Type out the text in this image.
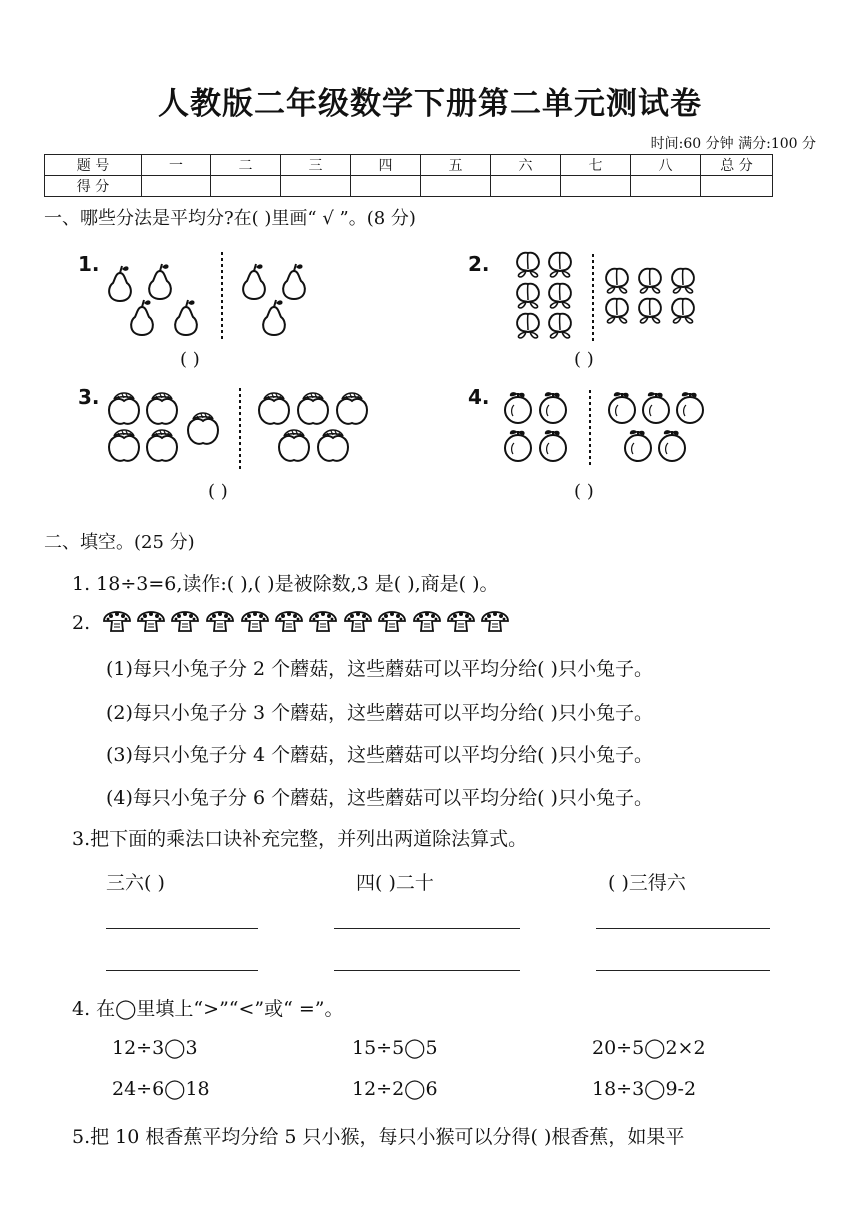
人教版二年级数学下册第二单元测试卷
时间:60 分钟 满分:100 分
题 号	一	二	三	四	五	六	七	八	总 分
得 分									
一、哪些分法是平均分?在( )里画“ √ ”。(8 分)
1.
( )
2.
( )
3.
( )
4.
( )
二、填空。(25 分)
1. 18÷3=6,读作:( ),( )是被除数,3 是( ),商是( )。
2.
(1)每只小兔子分 2 个蘑菇，这些蘑菇可以平均分给( )只小兔子。
(2)每只小兔子分 3 个蘑菇，这些蘑菇可以平均分给( )只小兔子。
(3)每只小兔子分 4 个蘑菇，这些蘑菇可以平均分给( )只小兔子。
(4)每只小兔子分 6 个蘑菇，这些蘑菇可以平均分给( )只小兔子。
3.把下面的乘法口诀补充完整，并列出两道除法算式。
三六( )	四( )二十	( )三得六
4. 在◯里填上“>”“<”或“ =”。
12÷3◯3	15÷5◯5	20÷5◯2×2
24÷6◯18	12÷2◯6	18÷3◯9-2
5.把 10 根香蕉平均分给 5 只小猴，每只小猴可以分得( )根香蕉，如果平
